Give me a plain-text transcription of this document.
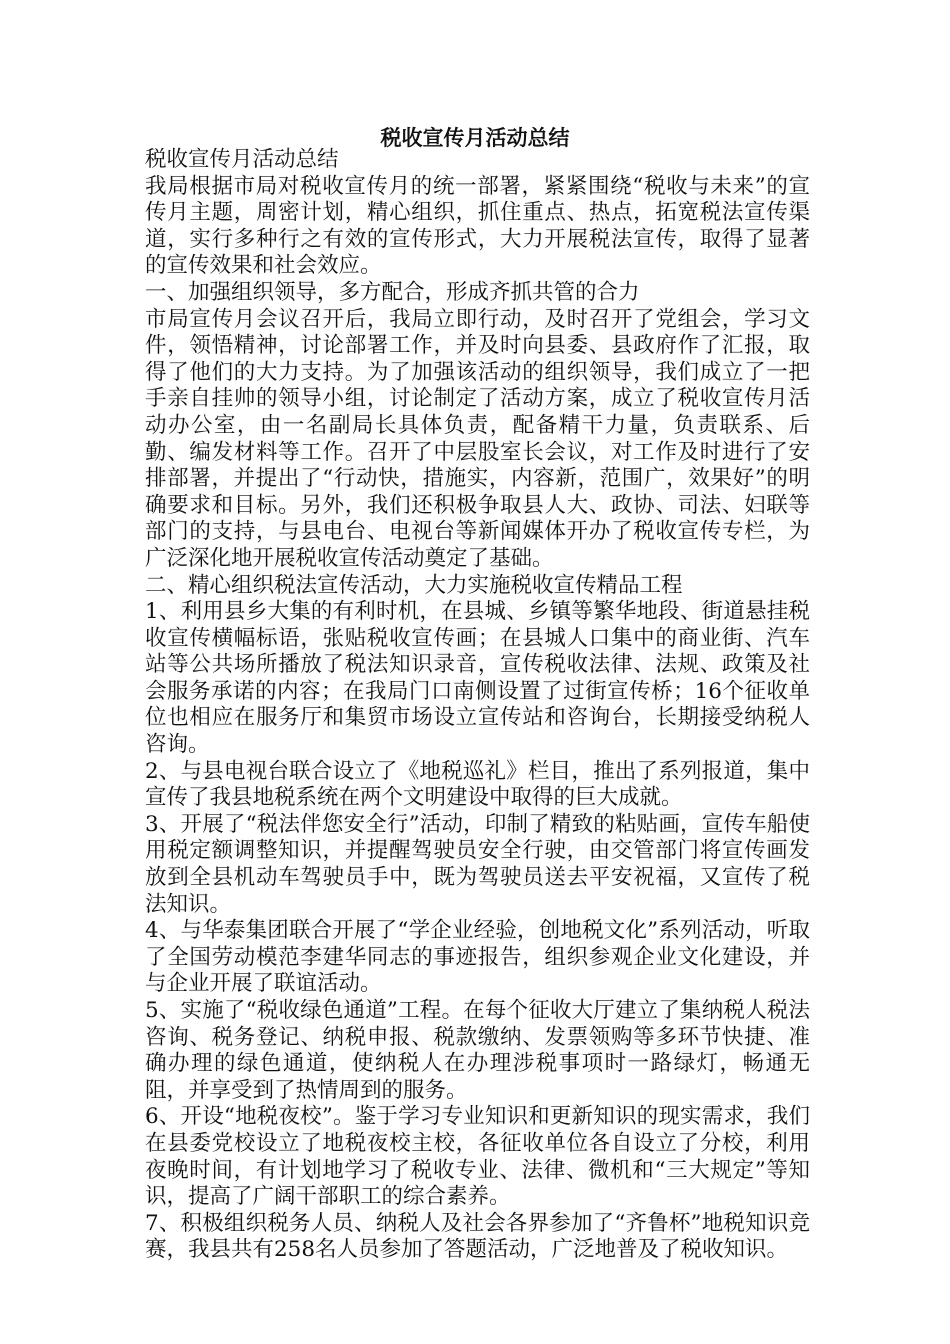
税收宣传月活动总结

税收宣传月活动总结

我局根据市局对税收宣传月的统一部署，紧紧围绕“税收与未来”的宣传月主题，周密计划，精心组织，抓住重点、热点，拓宽税法宣传渠道，实行多种行之有效的宣传形式，大力开展税法宣传，取得了显著的宣传效果和社会效应。

一、加强组织领导，多方配合，形成齐抓共管的合力

市局宣传月会议召开后，我局立即行动，及时召开了党组会，学习文件，领悟精神，讨论部署工作，并及时向县委、县政府作了汇报，取得了他们的大力支持。为了加强该活动的组织领导，我们成立了一把手亲自挂帅的领导小组，讨论制定了活动方案，成立了税收宣传月活动办公室，由一名副局长具体负责，配备精干力量，负责联系、后勤、编发材料等工作。召开了中层股室长会议，对工作及时进行了安排部署，并提出了“行动快，措施实，内容新，范围广，效果好”的明确要求和目标。另外，我们还积极争取县人大、政协、司法、妇联等部门的支持，与县电台、电视台等新闻媒体开办了税收宣传专栏，为广泛深化地开展税收宣传活动奠定了基础。

二、精心组织税法宣传活动，大力实施税收宣传精品工程

1、利用县乡大集的有利时机，在县城、乡镇等繁华地段、街道悬挂税收宣传横幅标语，张贴税收宣传画；在县城人口集中的商业街、汽车站等公共场所播放了税法知识录音，宣传税收法律、法规、政策及社会服务承诺的内容；在我局门口南侧设置了过街宣传桥；16个征收单位也相应在服务厅和集贸市场设立宣传站和咨询台，长期接受纳税人咨询。

2、与县电视台联合设立了《地税巡礼》栏目，推出了系列报道，集中宣传了我县地税系统在两个文明建设中取得的巨大成就。

3、开展了“税法伴您安全行”活动，印制了精致的粘贴画，宣传车船使用税定额调整知识，并提醒驾驶员安全行驶，由交管部门将宣传画发放到全县机动车驾驶员手中，既为驾驶员送去平安祝福，又宣传了税法知识。

4、与华泰集团联合开展了“学企业经验，创地税文化”系列活动，听取了全国劳动模范李建华同志的事迹报告，组织参观企业文化建设，并与企业开展了联谊活动。

5、实施了“税收绿色通道”工程。在每个征收大厅建立了集纳税人税法咨询、税务登记、纳税申报、税款缴纳、发票领购等多环节快捷、准确办理的绿色通道，使纳税人在办理涉税事项时一路绿灯，畅通无阻，并享受到了热情周到的服务。

6、开设“地税夜校”。鉴于学习专业知识和更新知识的现实需求，我们在县委党校设立了地税夜校主校，各征收单位各自设立了分校，利用夜晚时间，有计划地学习了税收专业、法律、微机和“三大规定”等知识，提高了广阔干部职工的综合素养。

7、积极组织税务人员、纳税人及社会各界参加了“齐鲁杯”地税知识竞赛，我县共有258名人员参加了答题活动，广泛地普及了税收知识。
